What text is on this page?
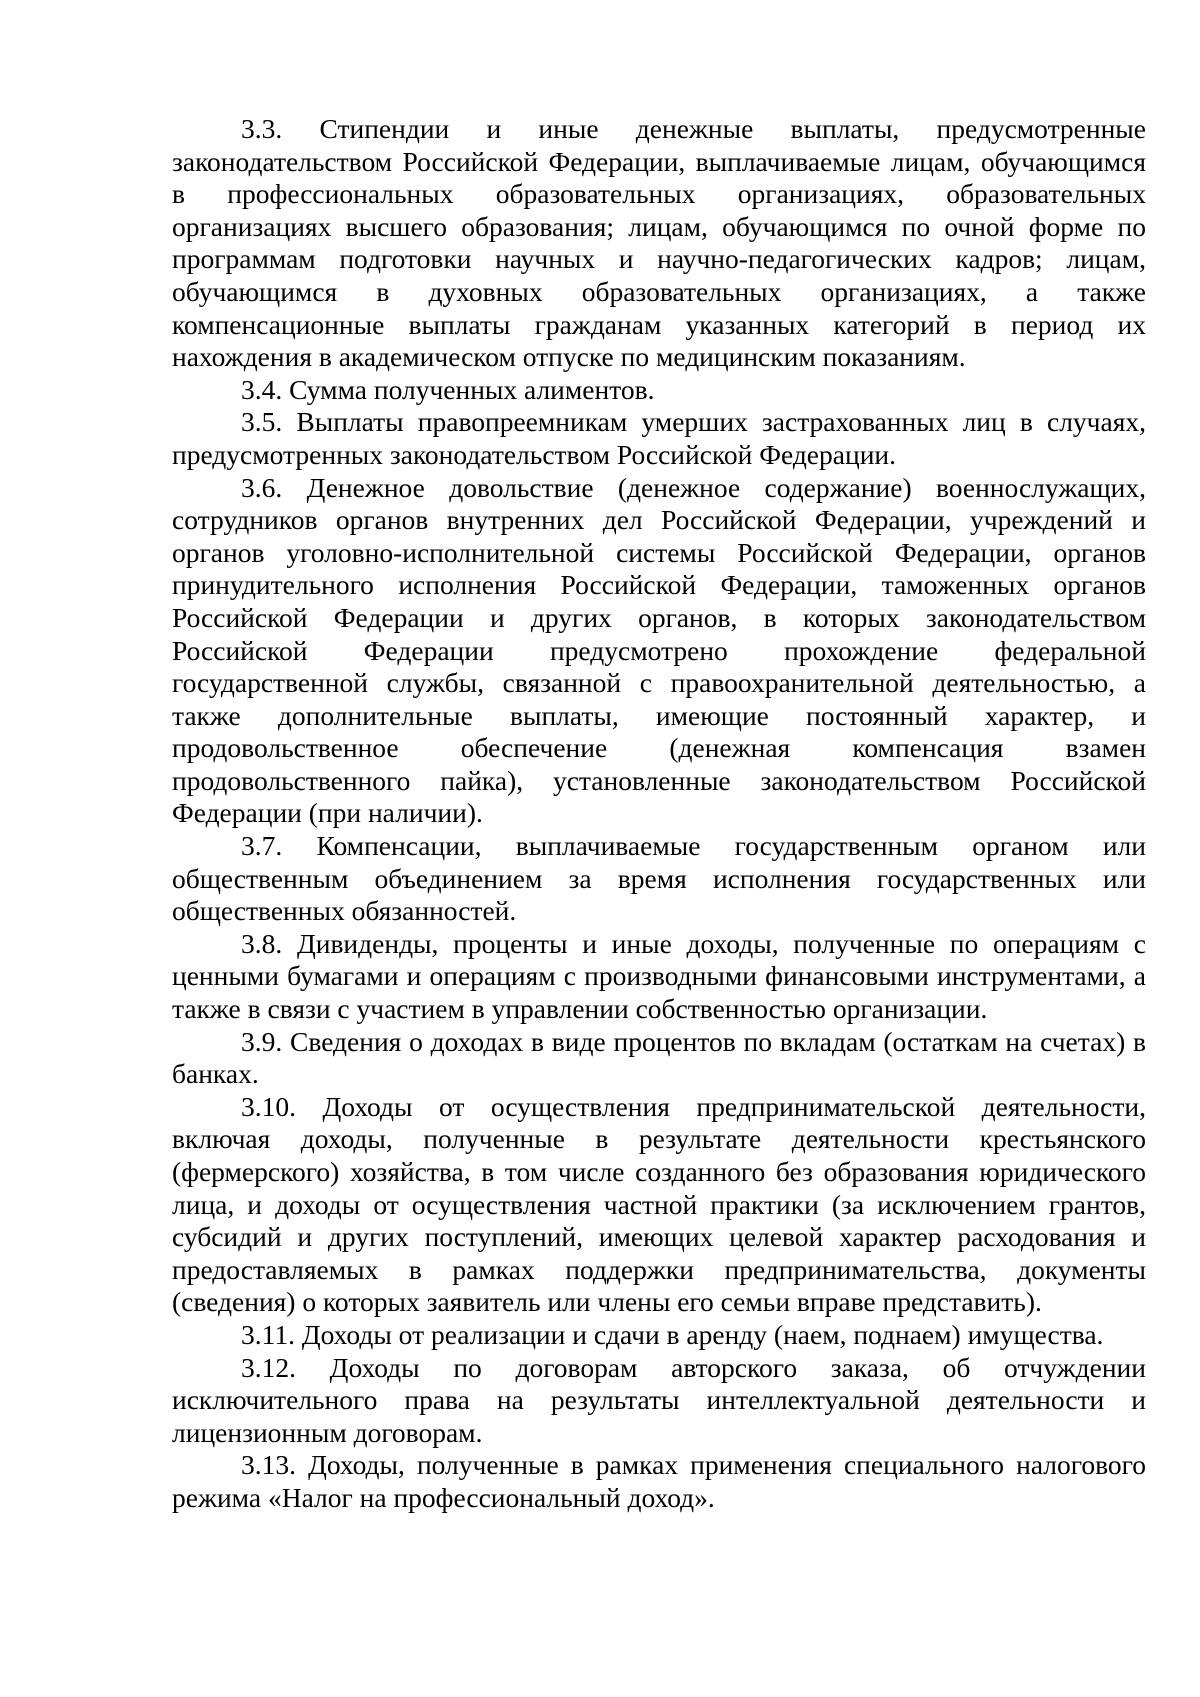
3.3. Стипендии и иные денежные выплаты, предусмотренные законодательством Российской Федерации, выплачиваемые лицам, обучающимся в профессиональных образовательных организациях, образовательных организациях высшего образования; лицам, обучающимся по очной форме по программам подготовки научных и научно-педагогических кадров; лицам, обучающимся в духовных образовательных организациях, а также компенсационные выплаты гражданам указанных категорий в период их нахождения в академическом отпуске по медицинским показаниям.

3.4. Сумма полученных алиментов.

3.5. Выплаты правопреемникам умерших застрахованных лиц в случаях, предусмотренных законодательством Российской Федерации.

3.6. Денежное довольствие (денежное содержание) военнослужащих, сотрудников органов внутренних дел Российской Федерации, учреждений и органов уголовно-исполнительной системы Российской Федерации, органов принудительного исполнения Российской Федерации, таможенных органов Российской Федерации и других органов, в которых законодательством Российской Федерации предусмотрено прохождение федеральной государственной службы, связанной с правоохранительной деятельностью, а также дополнительные выплаты, имеющие постоянный характер, и продовольственное обеспечение (денежная компенсация взамен продовольственного пайка), установленные законодательством Российской Федерации (при наличии).

3.7. Компенсации, выплачиваемые государственным органом или общественным объединением за время исполнения государственных или общественных обязанностей.

3.8. Дивиденды, проценты и иные доходы, полученные по операциям с ценными бумагами и операциям с производными финансовыми инструментами, а также в связи с участием в управлении собственностью организации.

3.9. Сведения о доходах в виде процентов по вкладам (остаткам на счетах) в банках.

3.10. Доходы от осуществления предпринимательской деятельности, включая доходы, полученные в результате деятельности крестьянского (фермерского) хозяйства, в том числе созданного без образования юридического лица, и доходы от осуществления частной практики (за исключением грантов, субсидий и других поступлений, имеющих целевой характер расходования и предоставляемых в рамках поддержки предпринимательства, документы (сведения) о которых заявитель или члены его семьи вправе представить).

3.11. Доходы от реализации и сдачи в аренду (наем, поднаем) имущества.

3.12. Доходы по договорам авторского заказа, об отчуждении исключительного права на результаты интеллектуальной деятельности и лицензионным договорам.

3.13. Доходы, полученные в рамках применения специального налогового режима «Налог на профессиональный доход».
